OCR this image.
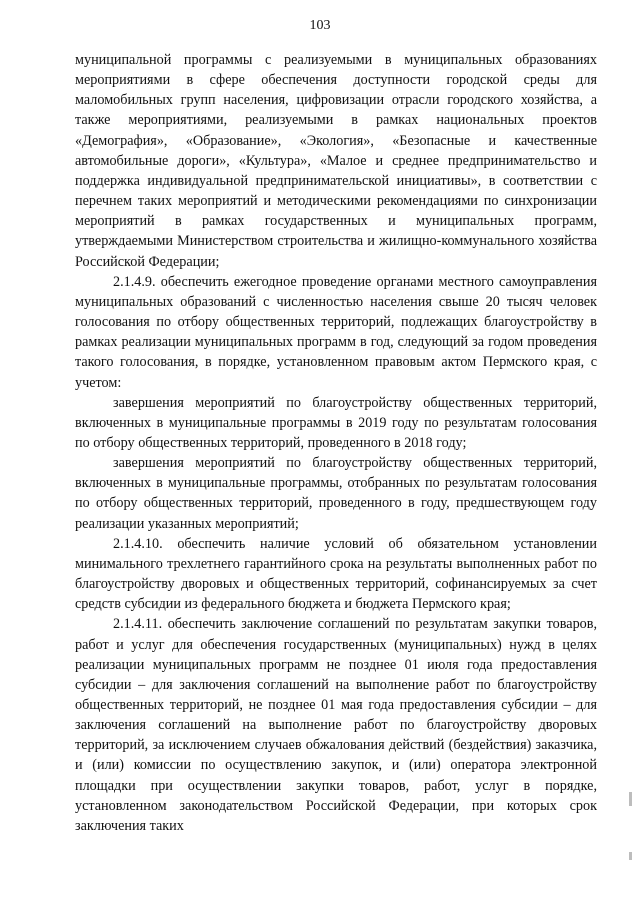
103

муниципальной программы с реализуемыми в муниципальных образованиях мероприятиями в сфере обеспечения доступности городской среды для маломобильных групп населения, цифровизации отрасли городского хозяйства, а также мероприятиями, реализуемыми в рамках национальных проектов «Демография», «Образование», «Экология», «Безопасные и качественные автомобильные дороги», «Культура», «Малое и среднее предпринимательство и поддержка индивидуальной предпринимательской инициативы», в соответствии с перечнем таких мероприятий и методическими рекомендациями по синхронизации мероприятий в рамках государственных и муниципальных программ, утверждаемыми Министерством строительства и жилищно-коммунального хозяйства Российской Федерации;

2.1.4.9. обеспечить ежегодное проведение органами местного самоуправления муниципальных образований с численностью населения свыше 20 тысяч человек голосования по отбору общественных территорий, подлежащих благоустройству в рамках реализации муниципальных программ в год, следующий за годом проведения такого голосования, в порядке, установленном правовым актом Пермского края, с учетом:

завершения мероприятий по благоустройству общественных территорий, включенных в муниципальные программы в 2019 году по результатам голосования по отбору общественных территорий, проведенного в 2018 году;

завершения мероприятий по благоустройству общественных территорий, включенных в муниципальные программы, отобранных по результатам голосования по отбору общественных территорий, проведенного в году, предшествующем году реализации указанных мероприятий;

2.1.4.10. обеспечить наличие условий об обязательном установлении минимального трехлетнего гарантийного срока на результаты выполненных работ по благоустройству дворовых и общественных территорий, софинансируемых за счет средств субсидии из федерального бюджета и бюджета Пермского края;

2.1.4.11. обеспечить заключение соглашений по результатам закупки товаров, работ и услуг для обеспечения государственных (муниципальных) нужд в целях реализации муниципальных программ не позднее 01 июля года предоставления субсидии – для заключения соглашений на выполнение работ по благоустройству общественных территорий, не позднее 01 мая года предоставления субсидии – для заключения соглашений на выполнение работ по благоустройству дворовых территорий, за исключением случаев обжалования действий (бездействия) заказчика, и (или) комиссии по осуществлению закупок, и (или) оператора электронной площадки при осуществлении закупки товаров, работ, услуг в порядке, установленном законодательством Российской Федерации, при которых срок заключения таких
